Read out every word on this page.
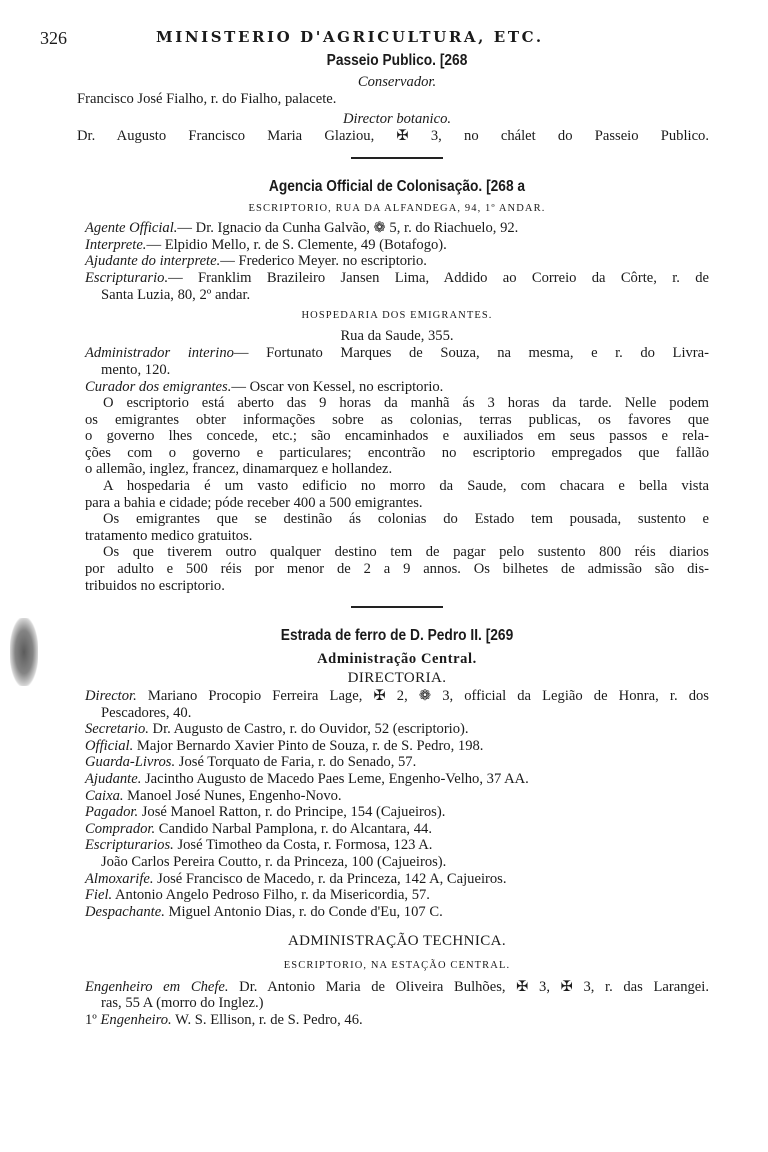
326	MINISTERIO D'AGRICULTURA, ETC.
Passeio Publico. [268
Conservador.
Francisco José Fialho, r. do Fialho, palacete.
Director botanico.
Dr. Augusto Francisco Maria Glaziou, ✠ 3, no chálet do Passeio Publico.
Agencia Official de Colonisação. [268 a
ESCRIPTORIO, RUA DA ALFANDEGA, 94, 1º ANDAR.
Agente Official.— Dr. Ignacio da Cunha Galvão, ❁ 5, r. do Riachuelo, 92.
Interprete.— Elpidio Mello, r. de S. Clemente, 49 (Botafogo).
Ajudante do interprete.— Frederico Meyer. no escriptorio.
Escripturario.— Franklim Brazileiro Jansen Lima, Addido ao Correio da Côrte, r. de
Santa Luzia, 80, 2º andar.
HOSPEDARIA DOS EMIGRANTES.
Rua da Saude, 355.
Administrador interino— Fortunato Marques de Souza, na mesma, e r. do Livra-
mento, 120.
Curador dos emigrantes.— Oscar von Kessel, no escriptorio.
O escriptorio está aberto das 9 horas da manhã ás 3 horas da tarde. Nelle podem
os emigrantes obter informações sobre as colonias, terras publicas, os favores que
o governo lhes concede, etc.; são encaminhados e auxiliados em seus passos e rela-
ções com o governo e particulares; encontrão no escriptorio empregados que fallão
o allemão, inglez, francez, dinamarquez e hollandez.
A hospedaria é um vasto edificio no morro da Saude, com chacara e bella vista
para a bahia e cidade; póde receber 400 a 500 emigrantes.
Os emigrantes que se destinão ás colonias do Estado tem pousada, sustento e
tratamento medico gratuitos.
Os que tiverem outro qualquer destino tem de pagar pelo sustento 800 réis diarios
por adulto e 500 réis por menor de 2 a 9 annos. Os bilhetes de admissão são dis-
tribuidos no escriptorio.
Estrada de ferro de D. Pedro II. [269
Administração Central.
DIRECTORIA.
Director. Mariano Procopio Ferreira Lage, ✠ 2, ❁ 3, official da Legião de Honra, r. dos
Pescadores, 40.
Secretario. Dr. Augusto de Castro, r. do Ouvidor, 52 (escriptorio).
Official. Major Bernardo Xavier Pinto de Souza, r. de S. Pedro, 198.
Guarda-Livros. José Torquato de Faria, r. do Senado, 57.
Ajudante. Jacintho Augusto de Macedo Paes Leme, Engenho-Velho, 37 AA.
Caixa. Manoel José Nunes, Engenho-Novo.
Pagador. José Manoel Ratton, r. do Principe, 154 (Cajueiros).
Comprador. Candido Narbal Pamplona, r. do Alcantara, 44.
Escripturarios. José Timotheo da Costa, r. Formosa, 123 A.
João Carlos Pereira Coutto, r. da Princeza, 100 (Cajueiros).
Almoxarife. José Francisco de Macedo, r. da Princeza, 142 A, Cajueiros.
Fiel. Antonio Angelo Pedroso Filho, r. da Misericordia, 57.
Despachante. Miguel Antonio Dias, r. do Conde d'Eu, 107 C.
ADMINISTRAÇÃO TECHNICA.
ESCRIPTORIO, NA ESTAÇÃO CENTRAL.
Engenheiro em Chefe. Dr. Antonio Maria de Oliveira Bulhões, ✠ 3, ✠ 3, r. das Larangei.
ras, 55 A (morro do Inglez.)
1º Engenheiro. W. S. Ellison, r. de S. Pedro, 46.
